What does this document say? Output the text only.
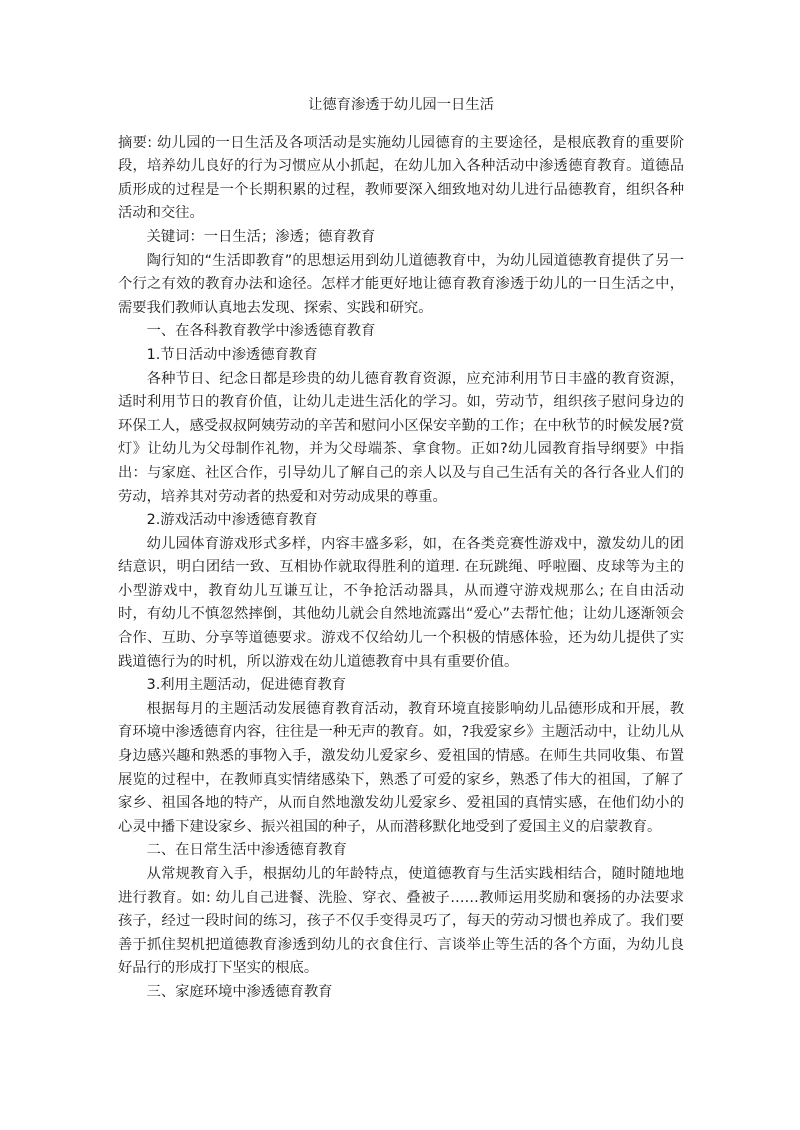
让德育渗透于幼儿园一日生活

摘要: 幼儿园的一日生活及各项活动是实施幼儿园德育的主要途径，是根底教育的重要阶段，培养幼儿良好的行为习惯应从小抓起，在幼儿加入各种活动中渗透德育教育。道德品质形成的过程是一个长期积累的过程，教师要深入细致地对幼儿进行品德教育，组织各种活动和交往。

关键词：一日生活；渗透；德育教育

陶行知的“生活即教育”的思想运用到幼儿道德教育中，为幼儿园道德教育提供了另一个行之有效的教育办法和途径。怎样才能更好地让德育教育渗透于幼儿的一日生活之中，需要我们教师认真地去发现、探索、实践和研究。

一、在各科教育教学中渗透德育教育

1.节日活动中渗透德育教育

各种节日、纪念日都是珍贵的幼儿德育教育资源，应充沛利用节日丰盛的教育资源，适时利用节日的教育价值，让幼儿走进生活化的学习。如，劳动节，组织孩子慰问身边的环保工人，感受叔叔阿姨劳动的辛苦和慰问小区保安辛勤的工作；在中秋节的时候发展?赏灯》让幼儿为父母制作礼物，并为父母端茶、拿食物。正如?幼儿园教育指导纲要》中指出：与家庭、社区合作，引导幼儿了解自己的亲人以及与自己生活有关的各行各业人们的劳动，培养其对劳动者的热爱和对劳动成果的尊重。

2.游戏活动中渗透德育教育

幼儿园体育游戏形式多样，内容丰盛多彩，如，在各类竞赛性游戏中，激发幼儿的团结意识，明白团结一致、互相协作就取得胜利的道理. 在玩跳绳、呼啦圈、皮球等为主的小型游戏中，教育幼儿互谦互让，不争抢活动器具，从而遵守游戏规那么; 在自由活动时，有幼儿不慎忽然摔倒，其他幼儿就会自然地流露出“爱心”去帮忙他；让幼儿逐渐领会合作、互助、分享等道德要求。游戏不仅给幼儿一个积极的情感体验，还为幼儿提供了实践道德行为的时机，所以游戏在幼儿道德教育中具有重要价值。

3.利用主题活动，促进德育教育

根据每月的主题活动发展德育教育活动，教育环境直接影响幼儿品德形成和开展，教育环境中渗透德育内容，往往是一种无声的教育。如，?我爱家乡》主题活动中，让幼儿从身边感兴趣和熟悉的事物入手，激发幼儿爱家乡、爱祖国的情感。在师生共同收集、布置展览的过程中，在教师真实情绪感染下，熟悉了可爱的家乡，熟悉了伟大的祖国，了解了家乡、祖国各地的特产，从而自然地激发幼儿爱家乡、爱祖国的真情实感，在他们幼小的心灵中播下建设家乡、振兴祖国的种子，从而潜移默化地受到了爱国主义的启蒙教育。

二、在日常生活中渗透德育教育

从常规教育入手，根据幼儿的年龄特点，使道德教育与生活实践相结合，随时随地地进行教育。如: 幼儿自己进餐、洗脸、穿衣、叠被子……教师运用奖励和褒扬的办法要求孩子，经过一段时间的练习，孩子不仅手变得灵巧了，每天的劳动习惯也养成了。我们要善于抓住契机把道德教育渗透到幼儿的衣食住行、言谈举止等生活的各个方面，为幼儿良好品行的形成打下坚实的根底。

三、家庭环境中渗透德育教育
